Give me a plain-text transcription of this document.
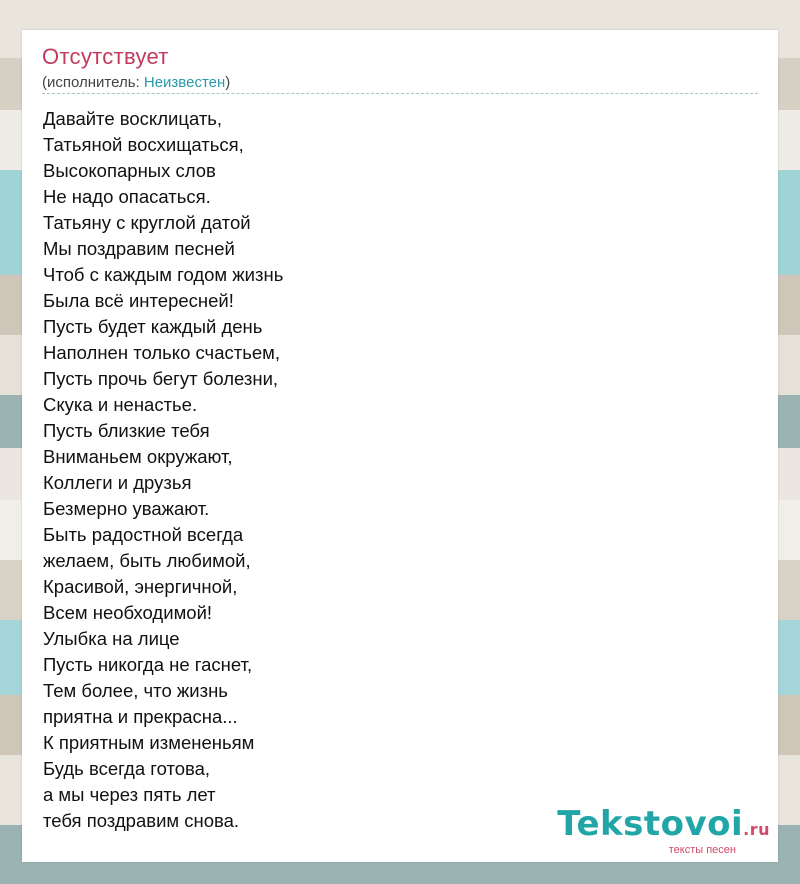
Отсутствует
(исполнитель: Неизвестен)
Давайте восклицать,
Татьяной восхищаться,
Высокопарных слов
Не надо опасаться.
Татьяну с круглой датой
Мы поздравим песней
Чтоб с каждым годом жизнь
Была всё интересней!
Пусть будет каждый день
Наполнен только счастьем,
Пусть прочь бегут болезни,
Скука и ненастье.
Пусть близкие тебя
Вниманьем окружают,
Коллеги и друзья
Безмерно уважают.
Быть радостной всегда
желаем, быть любимой,
Красивой, энергичной,
Всем необходимой!
Улыбка на лице
Пусть никогда не гаснет,
Тем более, что жизнь
приятна и прекрасна...
К приятным измененьям
Будь всегда готова,
а мы через пять лет
тебя поздравим снова.	Tekstovoi.ru
тексты песен
